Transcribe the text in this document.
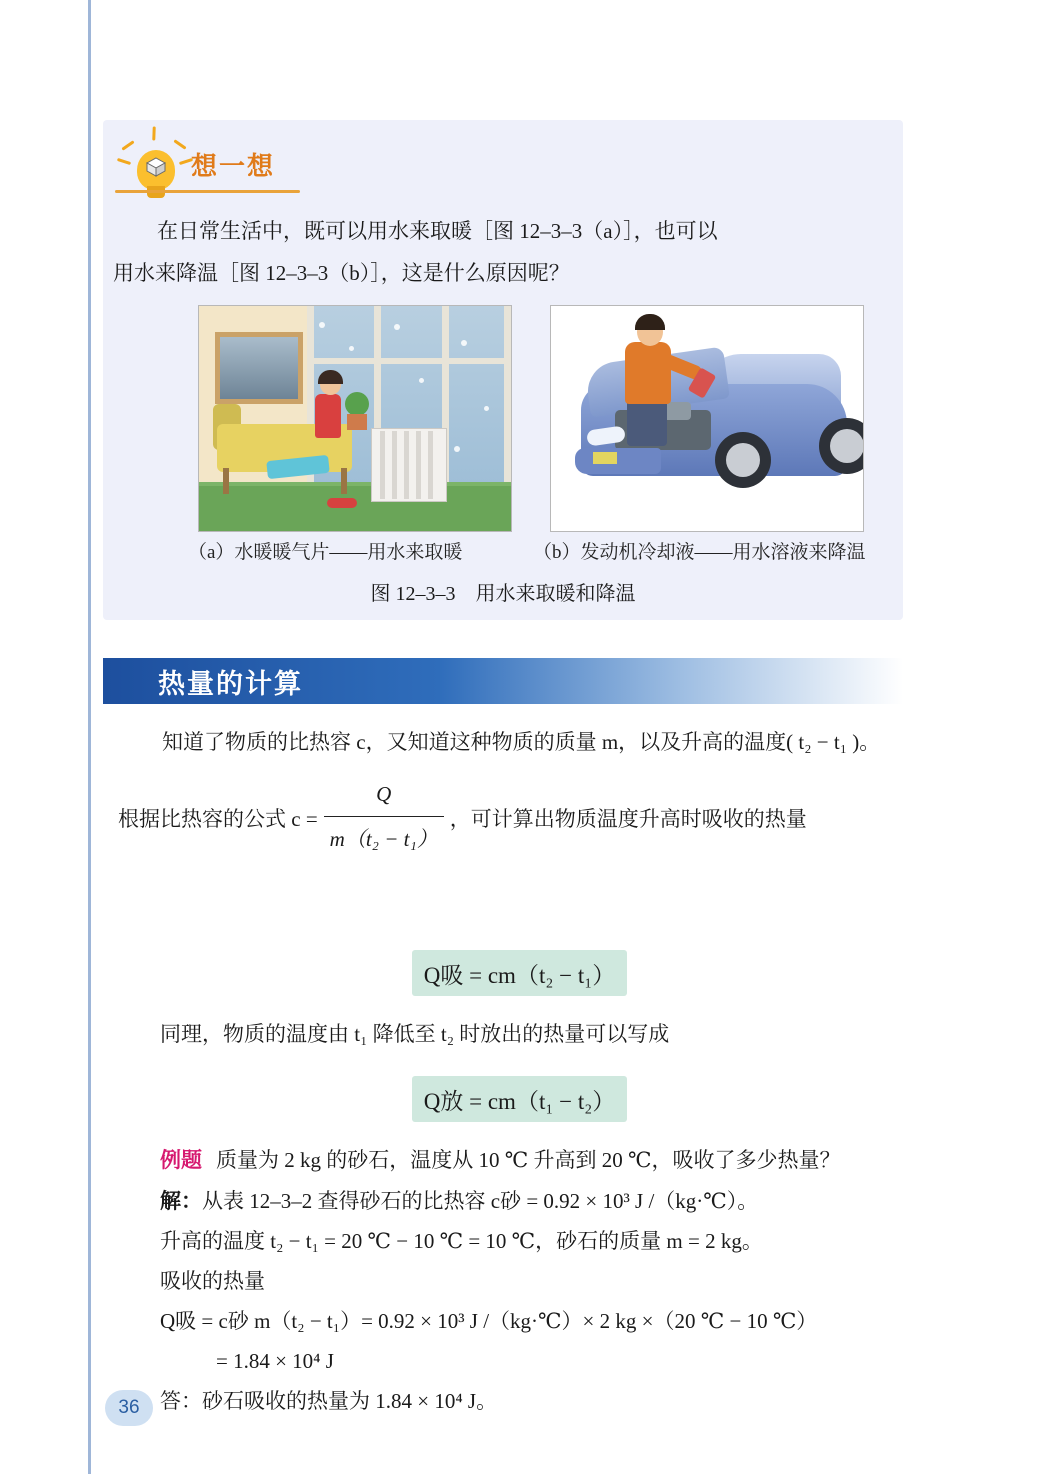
想一想

在日常生活中，既可以用水来取暖［图 12–3–3（a）］，也可以

用水来降温［图 12–3–3（b）］，这是什么原因呢？

（a）水暖暖气片——用水来取暖	（b）发动机冷却液——用水溶液来降温
图 12–3–3　用水来取暖和降温
热量的计算

知道了物质的比热容 c，又知道这种物质的质量 m，以及升高的温度( t₂ − t₁ )。

根据比热容的公式 $c = \frac{Q}{\text{m（t₂ − t₁）}}$ ，可计算出物质温度升高时吸收的热量

Q吸 = cm（t₂ − t₁）
同理，物质的温度由 t₁ 降低至 t₂ 时放出的热量可以写成
Q放 = cm（t₁ − t₂）

例题 质量为 2 kg 的砂石，温度从 10 ℃ 升高到 20 ℃，吸收了多少热量？

解：从表 12–3–2 查得砂石的比热容 c砂 = 0.92 × 10³ J /（kg·℃）。

升高的温度 t₂ − t₁ = 20 ℃ − 10 ℃ = 10 ℃，砂石的质量 m = 2 kg。

吸收的热量

Q吸 = c砂 m（t₂ − t₁）= 0.92 × 10³ J /（kg·℃）× 2 kg ×（20 ℃ − 10 ℃）

= 1.84 × 10⁴ J

答：砂石吸收的热量为 1.84 × 10⁴ J。

36
